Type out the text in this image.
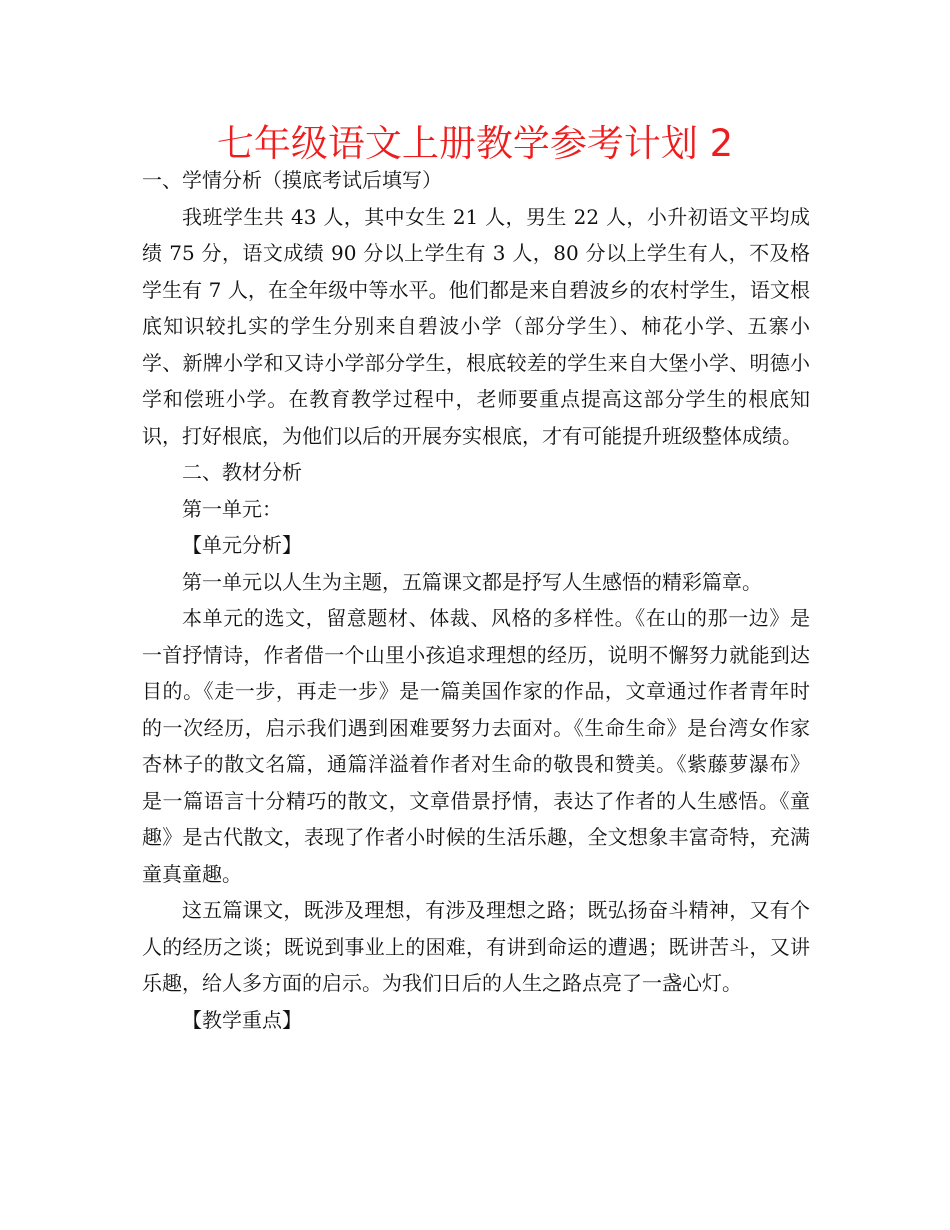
七年级语文上册教学参考计划 2

一、学情分析（摸底考试后填写）

我班学生共 43 人，其中女生 21 人，男生 22 人，小升初语文平均成绩 75 分，语文成绩 90 分以上学生有 3 人，80 分以上学生有人，不及格学生有 7 人，在全年级中等水平。他们都是来自碧波乡的农村学生，语文根底知识较扎实的学生分别来自碧波小学（部分学生）、柿花小学、五寨小学、新牌小学和又诗小学部分学生，根底较差的学生来自大堡小学、明德小学和偿班小学。在教育教学过程中，老师要重点提高这部分学生的根底知识，打好根底，为他们以后的开展夯实根底，才有可能提升班级整体成绩。

二、教材分析

第一单元：

【单元分析】

第一单元以人生为主题，五篇课文都是抒写人生感悟的精彩篇章。

本单元的选文，留意题材、体裁、风格的多样性。《在山的那一边》是一首抒情诗，作者借一个山里小孩追求理想的经历，说明不懈努力就能到达目的。《走一步，再走一步》是一篇美国作家的作品，文章通过作者青年时的一次经历，启示我们遇到困难要努力去面对。《生命生命》是台湾女作家杏林子的散文名篇，通篇洋溢着作者对生命的敬畏和赞美。《紫藤萝瀑布》是一篇语言十分精巧的散文，文章借景抒情，表达了作者的人生感悟。《童趣》是古代散文，表现了作者小时候的生活乐趣，全文想象丰富奇特，充满童真童趣。

这五篇课文，既涉及理想，有涉及理想之路；既弘扬奋斗精神，又有个人的经历之谈；既说到事业上的困难，有讲到命运的遭遇；既讲苦斗，又讲乐趣，给人多方面的启示。为我们日后的人生之路点亮了一盏心灯。

【教学重点】
